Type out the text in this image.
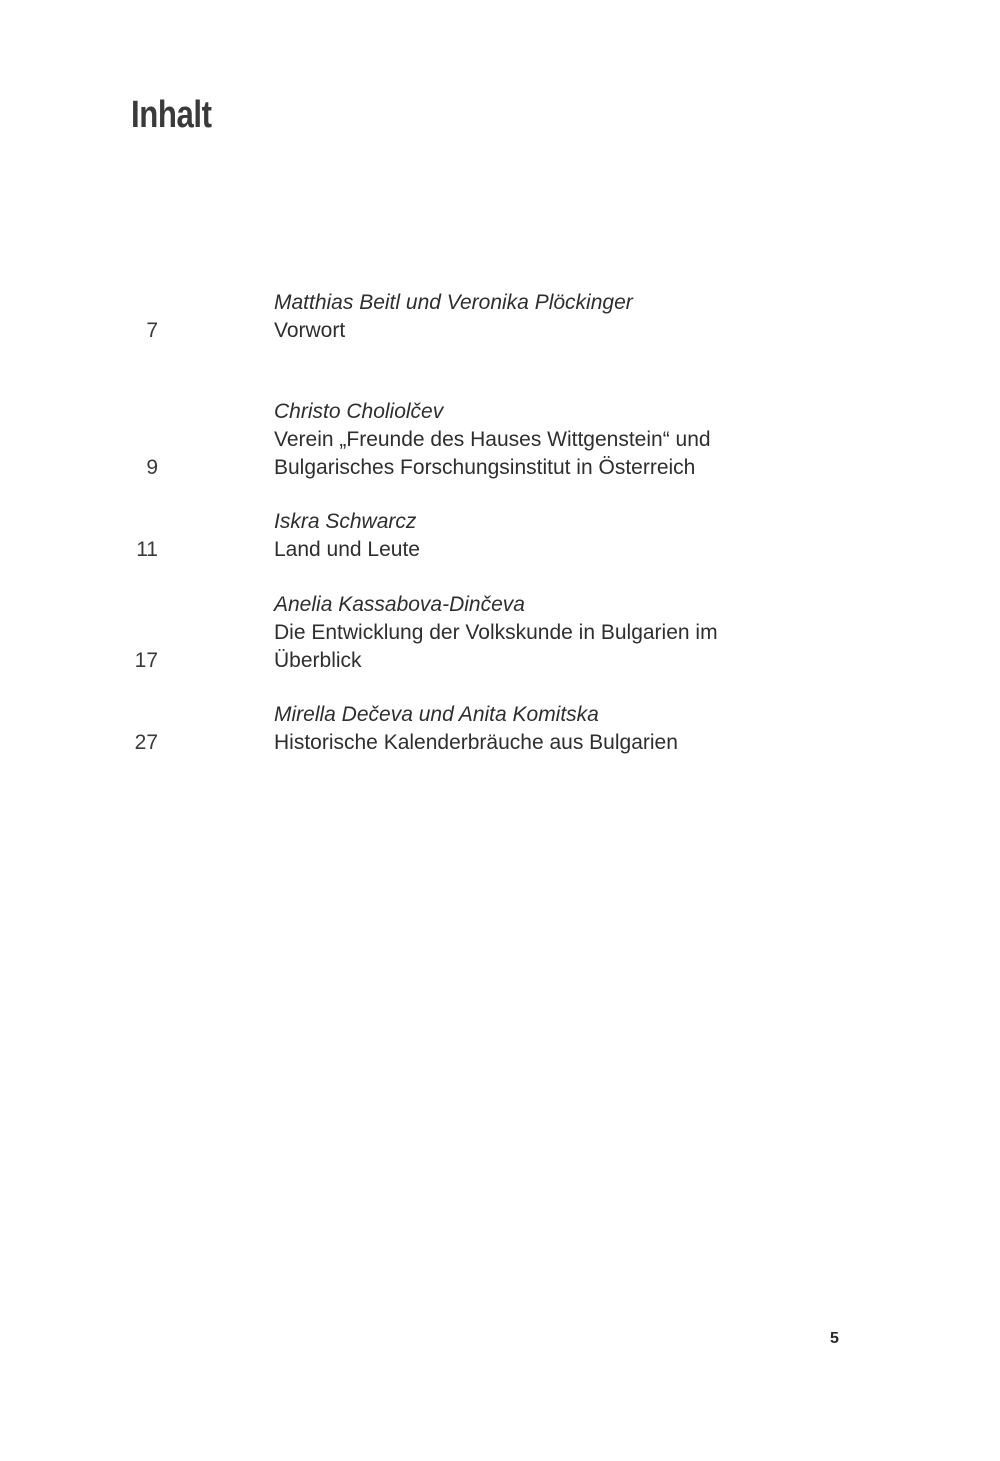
Inhalt
Matthias Beitl und Veronika Plöckinger
Vorwort
7
Christo Choliolčev
Verein „Freunde des Hauses Wittgenstein“ und
Bulgarisches Forschungsinstitut in Österreich
9
Iskra Schwarcz
Land und Leute
11
Anelia Kassabova-Dinčeva
Die Entwicklung der Volkskunde in Bulgarien im
Überblick
17
Mirella Dečeva und Anita Komitska
Historische Kalenderbräuche aus Bulgarien
27
5
